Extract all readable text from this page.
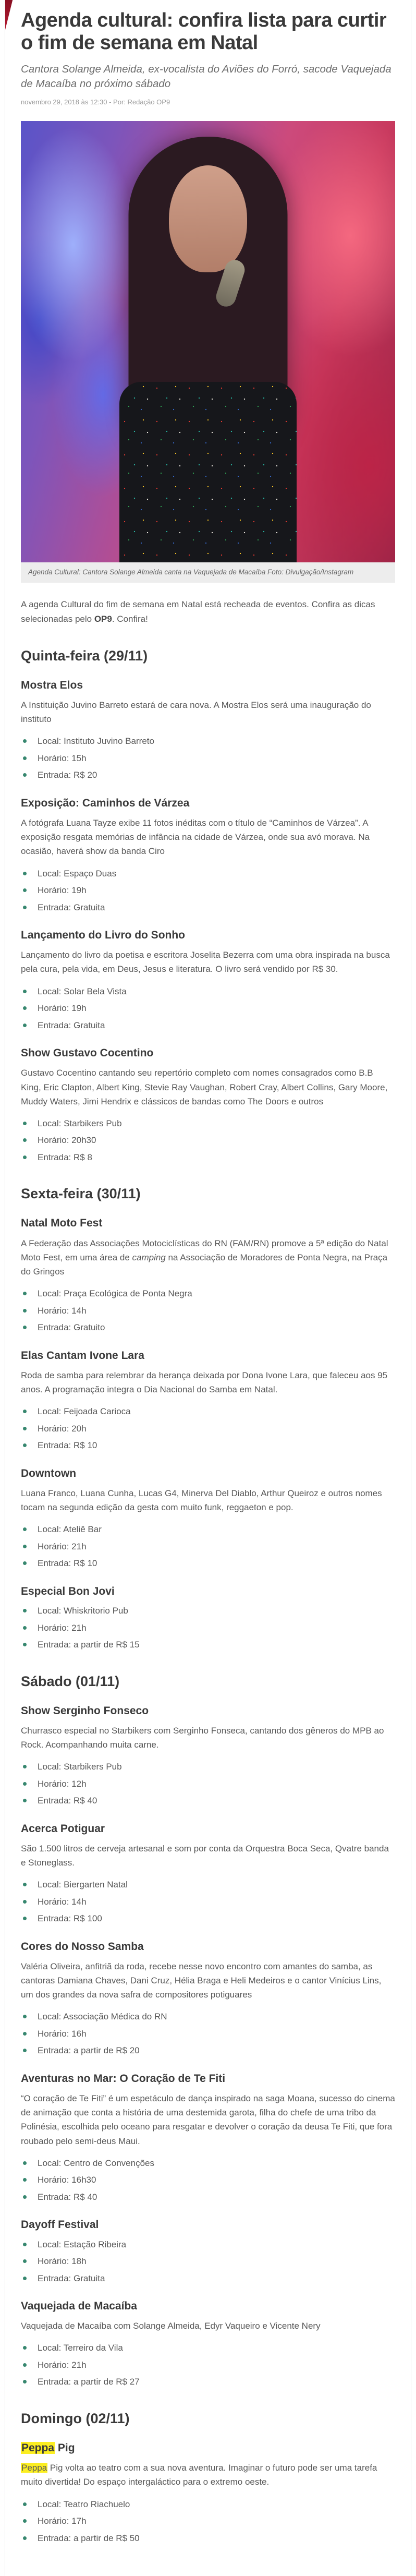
Agenda cultural: confira lista para curtir o fim de semana em Natal

Cantora Solange Almeida, ex-vocalista do Aviões do Forró, sacode Vaquejada de Macaíba no próximo sábado

novembro 29, 2018 às 12:30 - Por: Redação OP9

Agenda Cultural: Cantora Solange Almeida canta na Vaquejada de Macaíba Foto: Divulgação/Instagram

A agenda Cultural do fim de semana em Natal está recheada de eventos. Confira as dicas selecionadas pelo OP9. Confira!

Quinta-feira (29/11)
Mostra Elos

A Instituição Juvino Barreto estará de cara nova. A Mostra Elos será uma inauguração do instituto

Local: Instituto Juvino Barreto
Horário: 15h
Entrada: R$ 20
Exposição: Caminhos de Várzea

A fotógrafa Luana Tayze exibe 11 fotos inéditas com o título de “Caminhos de Várzea”. A exposição resgata memórias de infância na cidade de Várzea, onde sua avó morava. Na ocasião, haverá show da banda Ciro

Local: Espaço Duas
Horário: 19h
Entrada: Gratuita
Lançamento do Livro do Sonho

Lançamento do livro da poetisa e escritora Joselita Bezerra com uma obra inspirada na busca pela cura, pela vida, em Deus, Jesus e literatura. O livro será vendido por R$ 30.

Local: Solar Bela Vista
Horário: 19h
Entrada: Gratuita
Show Gustavo Cocentino

Gustavo Cocentino cantando seu repertório completo com nomes consagrados como B.B King, Eric Clapton, Albert King, Stevie Ray Vaughan, Robert Cray, Albert Collins, Gary Moore, Muddy Waters, Jimi Hendrix e clássicos de bandas como The Doors e outros

Local: Starbikers Pub
Horário: 20h30
Entrada: R$ 8
Sexta-feira (30/11)
Natal Moto Fest

A Federação das Associações Motociclísticas do RN (FAM/RN) promove a 5ª edição do Natal Moto Fest, em uma área de camping na Associação de Moradores de Ponta Negra, na Praça do Gringos

Local: Praça Ecológica de Ponta Negra
Horário: 14h
Entrada: Gratuito
Elas Cantam Ivone Lara

Roda de samba para relembrar da herança deixada por Dona Ivone Lara, que faleceu aos 95 anos. A programação integra o Dia Nacional do Samba em Natal.

Local: Feijoada Carioca
Horário: 20h
Entrada: R$ 10
Downtown

Luana Franco, Luana Cunha, Lucas G4, Minerva Del Diablo, Arthur Queiroz e outros nomes tocam na segunda edição da gesta com muito funk, reggaeton e pop.

Local: Ateliê Bar
Horário: 21h
Entrada: R$ 10
Especial Bon Jovi
Local: Whiskritorio Pub
Horário: 21h
Entrada: a partir de R$ 15
Sábado (01/11)
Show Serginho Fonseco

Churrasco especial no Starbikers com Serginho Fonseca, cantando dos gêneros do MPB ao Rock. Acompanhando muita carne.

Local: Starbikers Pub
Horário: 12h
Entrada: R$ 40
Acerca Potiguar

São 1.500 litros de cerveja artesanal e som por conta da Orquestra Boca Seca, Qvatre banda e Stoneglass.

Local: Biergarten Natal
Horário: 14h
Entrada: R$ 100
Cores do Nosso Samba

Valéria Oliveira, anfitriã da roda, recebe nesse novo encontro com amantes do samba, as cantoras Damiana Chaves, Dani Cruz, Hélia Braga e Heli Medeiros e o cantor Vinícius Lins, um dos grandes da nova safra de compositores potiguares

Local: Associação Médica do RN
Horário: 16h
Entrada: a partir de R$ 20
Aventuras no Mar: O Coração de Te Fiti

“O coração de Te Fiti” é um espetáculo de dança inspirado na saga Moana, sucesso do cinema de animação que conta a história de uma destemida garota, filha do chefe de uma tribo da Polinésia, escolhida pelo oceano para resgatar e devolver o coração da deusa Te Fiti, que fora roubado pelo semi-deus Maui.

Local: Centro de Convenções
Horário: 16h30
Entrada: R$ 40
Dayoff Festival
Local: Estação Ribeira
Horário: 18h
Entrada: Gratuita
Vaquejada de Macaíba

Vaquejada de Macaíba com Solange Almeida, Edyr Vaqueiro e Vicente Nery

Local: Terreiro da Vila
Horário: 21h
Entrada: a partir de R$ 27
Domingo (02/11)
Peppa Pig

Peppa Pig volta ao teatro com a sua nova aventura. Imaginar o futuro pode ser uma tarefa muito divertida! Do espaço intergaláctico para o extremo oeste.

Local: Teatro Riachuelo
Horário: 17h
Entrada: a partir de R$ 50
